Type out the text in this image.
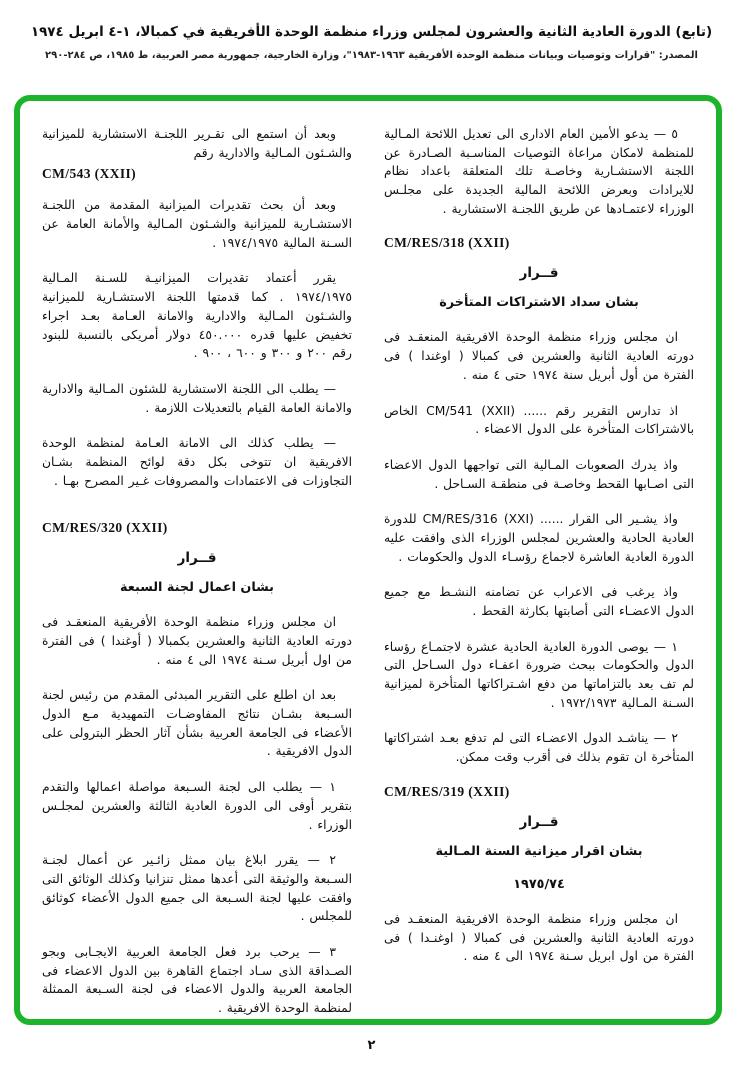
(تابع) الدورة العادية الثانية والعشرون لمجلس وزراء منظمة الوحدة الأفريقية في كمبالا، ١-٤ ابريل ١٩٧٤
المصدر: "قرارات وتوصيات وبيانات منظمة الوحدة الأفريقية ١٩٦٣-١٩٨٣"، وزارة الخارجية، جمهورية مصر العربية، ط ١٩٨٥، ص ٢٨٤-٢٩٠
٥ — يدعو الأمين العام الادارى الى تعديل اللائحة المـالية للمنظمة لامكان مراعاة التوصيات المناسـبة الصـادرة عن اللجنة الاستشـارية وخاصـة تلك المتعلقة باعداد نظام للايرادات وبعرض اللائحة المالية الجديدة على مجلـس الوزراء لاعتمـادها عن طريق اللجنـة الاستشارية .
CM/RES/318 (XXII)
قــرار
بشان سداد الاشتراكات المتأخرة
ان مجلس وزراء منظمة الوحدة الافريقية المنعقـد فى دورته العادية الثانية والعشرين فى كمبالا ( اوغندا ) فى الفترة من أول أبريل سنة ١٩٧٤ حتى ٤ منه .
اذ تدارس التقرير رقم ...... ‎CM/541 (XXII)‎ الخاص بالاشتراكات المتأخرة على الدول الاعضاء .
واذ يدرك الصعوبات المـالية التى تواجهها الدول الاعضاء التى اصـابها القحط وخاصـة فى منطقـة السـاحل .
واذ يشـير الى القرار ...... ‎CM/RES/316 (XXI)‎ للدورة العادية الحادية والعشرين لمجلس الوزراء الذى وافقت عليه الدورة العادية العاشرة لاجماع رؤسـاء الدول والحكومات .
واذ يرغب فى الاعراب عن تضامنه النشـط مع جميع الدول الاعضـاء التى أصابتها بكارثة القحط .
١ — يوصى الدورة العادية الحادية عشرة لاجتمـاع رؤساء الدول والحكومات ببحث ضرورة اعفـاء دول السـاحل التى لم تف بعد بالتزاماتها من دفع اشـتراكاتها المتأخرة لميزانية السـنة المـالية ١٩٧٢/١٩٧٣ .
٢ — يناشـد الدول الاعضـاء التى لم تدفع بعـد اشتراكاتها المتأخرة ان تقوم بذلك فى أقرب وقت ممكن.
CM/RES/319 (XXII)
قــرار
بشان اقرار ميزانية السنة المـالية
١٩٧٥/٧٤
ان مجلس وزراء منظمة الوحدة الافريقية المنعقـد فى دورته العادية الثانية والعشرين فى كمبالا ( اوغنـدا ) فى الفترة من اول ابريل سـنة ١٩٧٤ الى ٤ منه .
وبعد أن استمع الى تقـرير اللجنـة الاستشارية للميزانية والشـئون المـالية والادارية رقم
CM/543 (XXII)
وبعد أن بحث تقديرات الميزانية المقدمة من اللجنـة الاستشـارية للميزانية والشـئون المـالية والأمانة العامة عن السـنة المالية ١٩٧٤/١٩٧٥ .
يقرر أعتماد تقديرات الميزانيـة للسـنة المـالية ١٩٧٤/١٩٧٥ . كما قدمتها اللجنة الاستشـارية للميزانية والشـئون المـالية والادارية والامانة العـامة بعـد اجراء تخفيض عليها قدره ٤٥٠.٠٠٠ دولار أمريكى بالنسبة للبنود رقم ٢٠٠ و ٣٠٠ و ٦٠٠ ، ٩٠٠ .
— يطلب الى اللجنة الاستشارية للشئون المـالية والادارية والامانة العامة القيام بالتعديلات اللازمة .
— يطلب كذلك الى الامانة العـامة لمنظمة الوحدة الافريقية ان تتوخى بكل دقة لوائح المنظمة بشـان التجاوزات فى الاعتمادات والمصروفات غـير المصرح بهـا .
CM/RES/320 (XXII)
قــرار
بشان اعمال لجنة السبعة
ان مجلس وزراء منظمة الوحدة الأفريقية المنعقـد فى دورته العادية الثانية والعشرين بكمبالا ( أوغندا ) فى الفترة من اول أبريل سـنة ١٩٧٤ الى ٤ منه .
بعد ان اطلع على التقرير المبدئى المقدم من رئيس لجنة السـبعة بشـان نتائج المفاوضـات التمهيدية مـع الدول الأعضاء فى الجامعة العربية بشأن آثار الحظر البترولى على الدول الافريقية .
١ — يطلب الى لجنة السـبعة مواصلة اعمالها والتقدم بتقرير أوفى الى الدورة العادية الثالثة والعشرين لمجلـس الوزراء .
٢ — يقرر ابلاغ بيان ممثل زائـير عن أعمال لجنـة السـبعة والوثيقة التى أعدها ممثل تنزانيا وكذلك الوثائق التى وافقت عليها لجنة السـبعة الى جميع الدول الأعضاء كوثائق للمجلس .
٣ — يرحب برد فعل الجامعة العربية الايجـابى وبجو الصـداقة الذى سـاد اجتماع القاهرة بين الدول الاعضاء فى الجامعة العربية والدول الاعضاء فى لجنة السـبعة الممثلة لمنظمة الوحدة الافريقية .
٢
